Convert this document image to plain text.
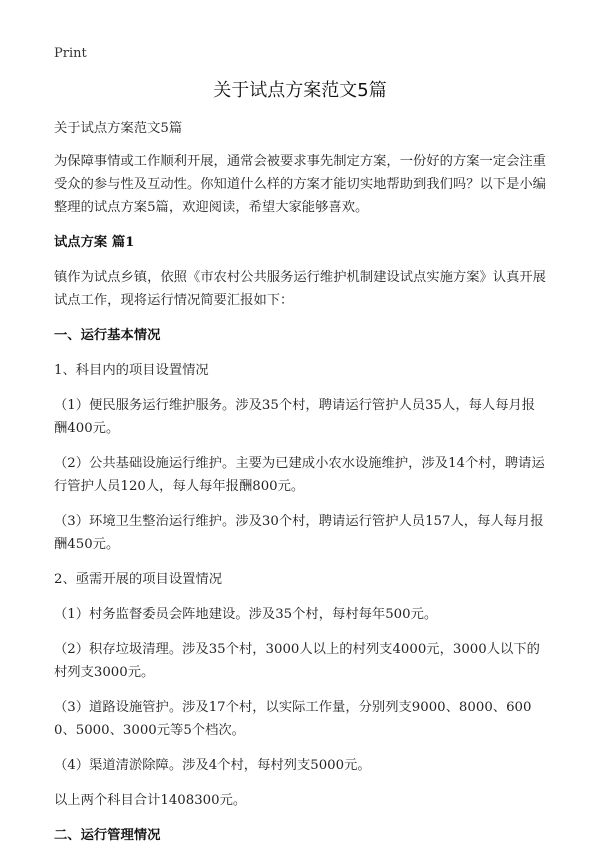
Print
关于试点方案范文5篇

关于试点方案范文5篇

为保障事情或工作顺利开展，通常会被要求事先制定方案，一份好的方案一定会注重受众的参与性及互动性。你知道什么样的方案才能切实地帮助到我们吗？以下是小编整理的试点方案5篇，欢迎阅读，希望大家能够喜欢。

试点方案 篇1

镇作为试点乡镇，依照《市农村公共服务运行维护机制建设试点实施方案》认真开展试点工作，现将运行情况简要汇报如下：

一、运行基本情况

1、科目内的项目设置情况

（1）便民服务运行维护服务。涉及35个村，聘请运行管护人员35人，每人每月报酬400元。

（2）公共基础设施运行维护。主要为已建成小农水设施维护，涉及14个村，聘请运行管护人员120人，每人每年报酬800元。

（3）环境卫生整治运行维护。涉及30个村，聘请运行管护人员157人，每人每月报酬450元。

2、亟需开展的项目设置情况

（1）村务监督委员会阵地建设。涉及35个村，每村每年500元。

（2）积存垃圾清理。涉及35个村，3000人以上的村列支4000元，3000人以下的村列支3000元。

（3）道路设施管护。涉及17个村，以实际工作量，分别列支9000、8000、6000、5000、3000元等5个档次。

（4）渠道清淤除障。涉及4个村，每村列支5000元。

以上两个科目合计1408300元。

二、运行管理情况
